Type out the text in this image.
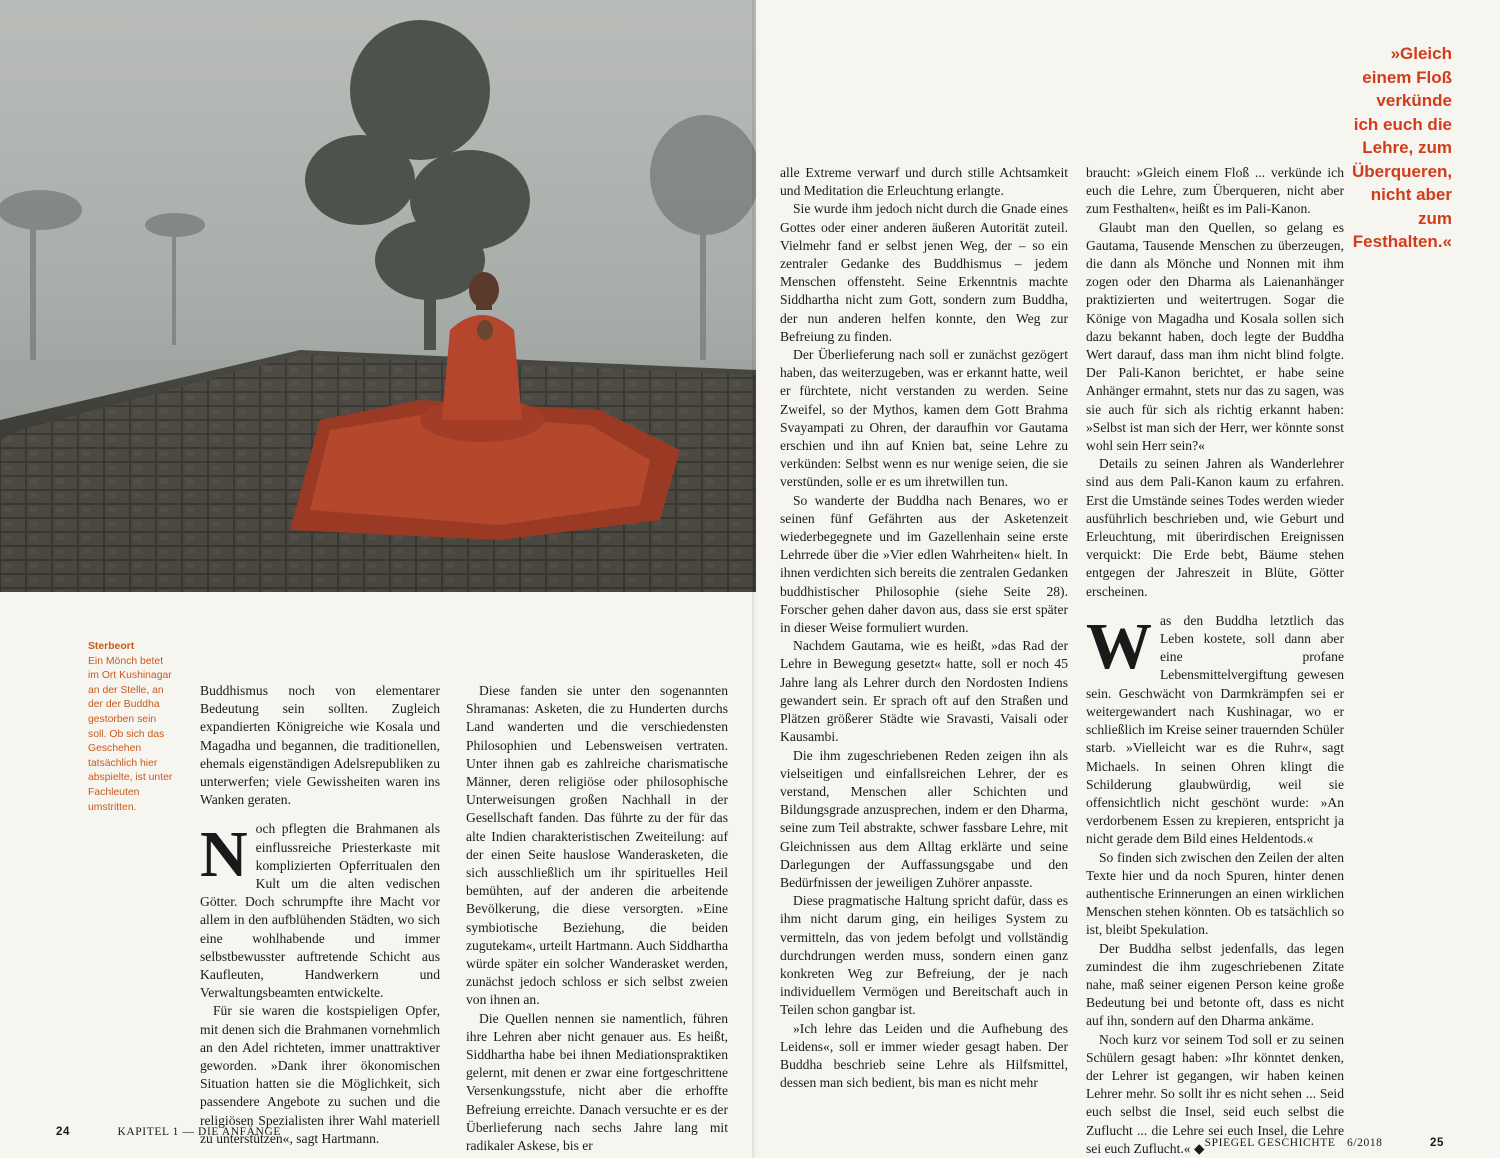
Sterbeort
Ein Mönch betet im Ort Kushinagar an der Stelle, an der der Buddha gestorben sein soll. Ob sich das Geschehen tatsächlich hier abspielte, ist unter Fachleuten umstritten.

Buddhismus noch von elementarer Bedeutung sein sollten. Zugleich expandierten Königreiche wie Kosala und Magadha und begannen, die traditionellen, ehemals eigenständigen Adelsrepubliken zu unterwerfen; viele Gewissheiten waren ins Wanken geraten.

Noch pflegten die Brahmanen als einflussreiche Priesterkaste mit komplizierten Opferritualen den Kult um die alten vedischen Götter. Doch schrumpfte ihre Macht vor allem in den aufblühenden Städten, wo sich eine wohlhabende und immer selbstbewusster auftretende Schicht aus Kaufleuten, Handwerkern und Verwaltungsbeamten entwickelte.

Für sie waren die kostspieligen Opfer, mit denen sich die Brahmanen vornehmlich an den Adel richteten, immer unattraktiver geworden. »Dank ihrer ökonomischen Situation hatten sie die Möglichkeit, sich passendere Angebote zu suchen und die religiösen Spezialisten ihrer Wahl materiell zu unterstützen«, sagt Hartmann.

Diese fanden sie unter den sogenannten Shramanas: Asketen, die zu Hunderten durchs Land wanderten und die verschiedensten Philosophien und Lebensweisen vertraten. Unter ihnen gab es zahlreiche charismatische Männer, deren religiöse oder philosophische Unterweisungen großen Nachhall in der Gesellschaft fanden. Das führte zu der für das alte Indien charakteristischen Zweiteilung: auf der einen Seite hauslose Wanderasketen, die sich ausschließlich um ihr spirituelles Heil bemühten, auf der anderen die arbeitende Bevölkerung, die diese versorgten. »Eine symbiotische Beziehung, die beiden zugutekam«, urteilt Hartmann. Auch Siddhartha würde später ein solcher Wanderasket werden, zunächst jedoch schloss er sich selbst zweien von ihnen an.

Die Quellen nennen sie namentlich, führen ihre Lehren aber nicht genauer aus. Es heißt, Siddhartha habe bei ihnen Mediationspraktiken gelernt, mit denen er zwar eine fortgeschrittene Versenkungsstufe, nicht aber die erhoffte Befreiung erreichte. Danach versuchte er es der Überlieferung nach sechs Jahre lang mit radikaler Askese, bis er

alle Extreme verwarf und durch stille Achtsamkeit und Meditation die Erleuchtung erlangte.

Sie wurde ihm jedoch nicht durch die Gnade eines Gottes oder einer anderen äußeren Autorität zuteil. Vielmehr fand er selbst jenen Weg, der – so ein zentraler Gedanke des Buddhismus – jedem Menschen offensteht. Seine Erkenntnis machte Siddhartha nicht zum Gott, sondern zum Buddha, der nun anderen helfen konnte, den Weg zur Befreiung zu finden.

Der Überlieferung nach soll er zunächst gezögert haben, das weiterzugeben, was er erkannt hatte, weil er fürchtete, nicht verstanden zu werden. Seine Zweifel, so der Mythos, kamen dem Gott Brahma Svayampati zu Ohren, der daraufhin vor Gautama erschien und ihn auf Knien bat, seine Lehre zu verkünden: Selbst wenn es nur wenige seien, die sie verstünden, solle er es um ihretwillen tun.

So wanderte der Buddha nach Benares, wo er seinen fünf Gefährten aus der Asketenzeit wiederbegegnete und im Gazellenhain seine erste Lehrrede über die »Vier edlen Wahrheiten« hielt. In ihnen verdichten sich bereits die zentralen Gedanken buddhistischer Philosophie (siehe Seite 28). Forscher gehen daher davon aus, dass sie erst später in dieser Weise formuliert wurden.

Nachdem Gautama, wie es heißt, »das Rad der Lehre in Bewegung gesetzt« hatte, soll er noch 45 Jahre lang als Lehrer durch den Nordosten Indiens gewandert sein. Er sprach oft auf den Straßen und Plätzen größerer Städte wie Sravasti, Vaisali oder Kausambi.

Die ihm zugeschriebenen Reden zeigen ihn als vielseitigen und einfallsreichen Lehrer, der es verstand, Menschen aller Schichten und Bildungsgrade anzusprechen, indem er den Dharma, seine zum Teil abstrakte, schwer fassbare Lehre, mit Gleichnissen aus dem Alltag erklärte und seine Darlegungen der Auffassungsgabe und den Bedürfnissen der jeweiligen Zuhörer anpasste.

Diese pragmatische Haltung spricht dafür, dass es ihm nicht darum ging, ein heiliges System zu vermitteln, das von jedem befolgt und vollständig durchdrungen werden muss, sondern einen ganz konkreten Weg zur Befreiung, der je nach individuellem Vermögen und Bereitschaft auch in Teilen schon gangbar ist.

»Ich lehre das Leiden und die Aufhebung des Leidens«, soll er immer wieder gesagt haben. Der Buddha beschrieb seine Lehre als Hilfsmittel, dessen man sich bedient, bis man es nicht mehr

braucht: »Gleich einem Floß ... verkünde ich euch die Lehre, zum Überqueren, nicht aber zum Festhalten«, heißt es im Pali-Kanon.

Glaubt man den Quellen, so gelang es Gautama, Tausende Menschen zu überzeugen, die dann als Mönche und Nonnen mit ihm zogen oder den Dharma als Laienanhänger praktizierten und weitertrugen. Sogar die Könige von Magadha und Kosala sollen sich dazu bekannt haben, doch legte der Buddha Wert darauf, dass man ihm nicht blind folgte. Der Pali-Kanon berichtet, er habe seine Anhänger ermahnt, stets nur das zu sagen, was sie auch für sich als richtig erkannt haben: »Selbst ist man sich der Herr, wer könnte sonst wohl sein Herr sein?«

Details zu seinen Jahren als Wanderlehrer sind aus dem Pali-Kanon kaum zu erfahren. Erst die Umstände seines Todes werden wieder ausführlich beschrieben und, wie Geburt und Erleuchtung, mit überirdischen Ereignissen verquickt: Die Erde bebt, Bäume stehen entgegen der Jahreszeit in Blüte, Götter erscheinen.

Was den Buddha letztlich das Leben kostete, soll dann aber eine profane Lebensmittelvergiftung gewesen sein. Geschwächt von Darmkrämpfen sei er weitergewandert nach Kushinagar, wo er schließlich im Kreise seiner trauernden Schüler starb. »Vielleicht war es die Ruhr«, sagt Michaels. In seinen Ohren klingt die Schilderung glaubwürdig, weil sie offensichtlich nicht geschönt wurde: »An verdorbenem Essen zu krepieren, entspricht ja nicht gerade dem Bild eines Heldentods.«

So finden sich zwischen den Zeilen der alten Texte hier und da noch Spuren, hinter denen authentische Erinnerungen an einen wirklichen Menschen stehen könnten. Ob es tatsächlich so ist, bleibt Spekulation.

Der Buddha selbst jedenfalls, das legen zumindest die ihm zugeschriebenen Zitate nahe, maß seiner eigenen Person keine große Bedeutung bei und betonte oft, dass es nicht auf ihn, sondern auf den Dharma ankäme.

Noch kurz vor seinem Tod soll er zu seinen Schülern gesagt haben: »Ihr könntet denken, der Lehrer ist gegangen, wir haben keinen Lehrer mehr. So sollt ihr es nicht sehen ... Seid euch selbst die Insel, seid euch selbst die Zuflucht ... die Lehre sei euch Insel, die Lehre sei euch Zuflucht.« ◆

»Gleich einem Floß verkünde ich euch die Lehre, zum Überqueren, nicht aber zum Festhalten.«
24	KAPITEL 1 — DIE ANFÄNGE
SPIEGEL GESCHICHTE 6/2018	25
